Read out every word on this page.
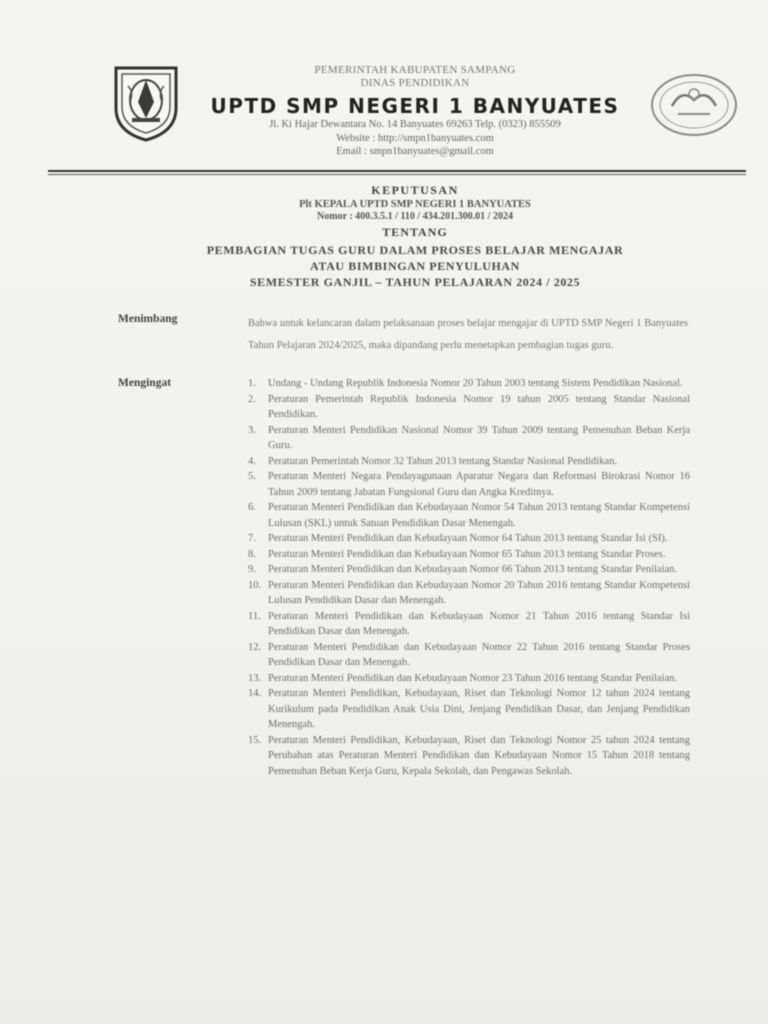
PEMERINTAH KABUPATEN SAMPANG
DINAS PENDIDIKAN
UPTD SMP NEGERI 1 BANYUATES
Jl. Ki Hajar Dewantara No. 14 Banyuates 69263 Telp. (0323) 855509
Website : http://smpn1banyuates.com
Email : smpn1banyuates@gmail.com
KEPUTUSAN
Plt KEPALA UPTD SMP NEGERI 1 BANYUATES
Nomor : 400.3.5.1 / 110 / 434.201.300.01 / 2024
TENTANG
PEMBAGIAN TUGAS GURU DALAM PROSES BELAJAR MENGAJAR
ATAU BIMBINGAN PENYULUHAN
SEMESTER GANJIL – TAHUN PELAJARAN 2024 / 2025
Menimbang	Bahwa untuk kelancaran dalam pelaksanaan proses belajar mengajar di UPTD SMP Negeri 1 Banyuates Tahun Pelajaran 2024/2025, maka dipandang perlu menetapkan pembagian tugas guru.
Mengingat	1.	Undang - Undang Republik Indonesia Nomor 20 Tahun 2003 tentang Sistem Pendidikan Nasional.
2.	Peraturan Pemerintah Republik Indonesia Nomor 19 tahun 2005 tentang Standar Nasional Pendidikan.
3.	Peraturan Menteri Pendidikan Nasional Nomor 39 Tahun 2009 tentang Pemenuhan Beban Kerja Guru.
4.	Peraturan Pemerintah Nomor 32 Tahun 2013 tentang Standar Nasional Pendidikan.
5.	Peraturan Menteri Negara Pendayagunaan Aparatur Negara dan Reformasi Birokrasi Nomor 16 Tahun 2009 tentang Jabatan Fungsional Guru dan Angka Kreditnya.
6.	Peraturan Menteri Pendidikan dan Kebudayaan Nomor 54 Tahun 2013 tentang Standar Kompetensi Lulusan (SKL) untuk Satuan Pendidikan Dasar Menengah.
7.	Peraturan Menteri Pendidikan dan Kebudayaan Nomor 64 Tahun 2013 tentang Standar Isi (SI).
8.	Peraturan Menteri Pendidikan dan Kebudayaan Nomor 65 Tahun 2013 tentang Standar Proses.
9.	Peraturan Menteri Pendidikan dan Kebudayaan Nomor 66 Tahun 2013 tentang Standar Penilaian.
10. Peraturan Menteri Pendidikan dan Kebudayaan Nomor 20 Tahun 2016 tentang Standar Kompetensi Lulusan Pendidikan Dasar dan Menengah.
11. Peraturan Menteri Pendidikan dan Kebudayaan Nomor 21 Tahun 2016 tentang Standar Isi Pendidikan Dasar dan Menengah.
12. Peraturan Menteri Pendidikan dan Kebudayaan Nomor 22 Tahun 2016 tentang Standar Proses Pendidikan Dasar dan Menengah.
13. Peraturan Menteri Pendidikan dan Kebudayaan Nomor 23 Tahun 2016 tentang Standar Penilaian.
14. Peraturan Menteri Pendidikan, Kebudayaan, Riset dan Teknologi Nomor 12 tahun 2024 tentang Kurikulum pada Pendidikan Anak Usia Dini, Jenjang Pendidikan Dasar, dan Jenjang Pendidikan Menengah.
15. Peraturan Menteri Pendidikan, Kebudayaan, Riset dan Teknologi Nomor 25 tahun 2024 tentang Perubahan atas Peraturan Menteri Pendidikan dan Kebudayaan Nomor 15 Tahun 2018 tentang Pemenuhan Beban Kerja Guru, Kepala Sekolah, dan Pengawas Sekolah.
